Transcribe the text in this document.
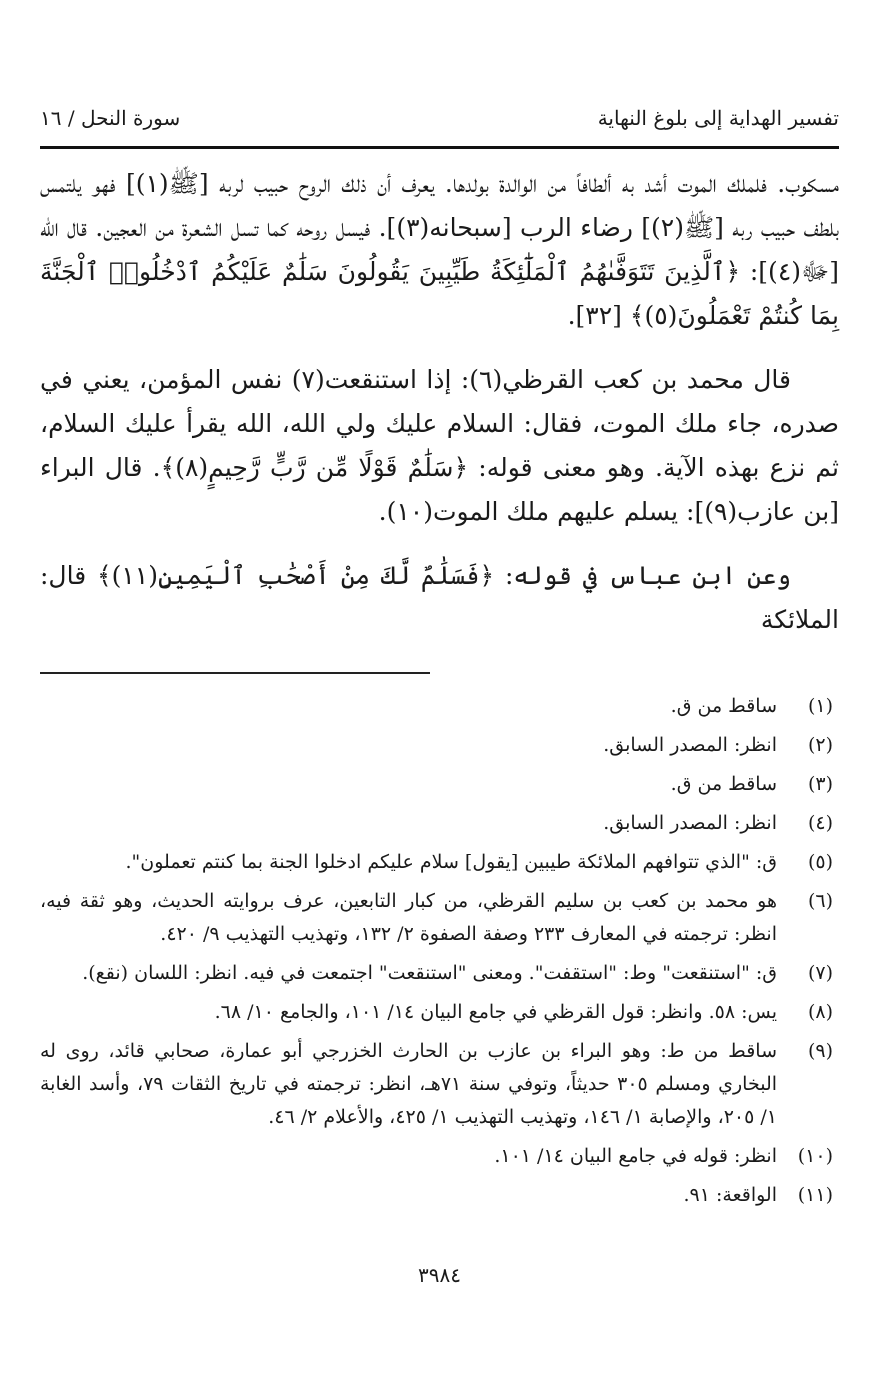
تفسير الهداية إلى بلوغ النهاية
سورة النحل / ١٦

مسكوب. فلملك الموت أشد به ألطافاً من الوالدة بولدها. يعرف أن ذلك الروح حبيب لربه [ﷺ(١)] فهو يلتمس بلطف حبيب ربه [ﷺ(٢)] رضاء الرب [سبحانه(٣)]. فيسل روحه كما تسل الشعرة من العجين. قال الله [ﷻ(٤)]: ﴿ٱلَّذِينَ تَتَوَفَّىٰهُمُ ٱلْمَلَٰٓئِكَةُ طَيِّبِينَ يَقُولُونَ سَلَٰمٌ عَلَيْكُمُ ٱدْخُلُوا۟ ٱلْجَنَّةَ بِمَا كُنتُمْ تَعْمَلُونَ(٥)﴾ [٣٢].

قال محمد بن كعب القرظي(٦): إذا استنقعت(٧) نفس المؤمن، يعني في صدره، جاء ملك الموت، فقال: السلام عليك ولي الله، الله يقرأ عليك السلام، ثم نزع بهذه الآية. وهو معنى قوله: ﴿سَلَٰمٌ قَوْلًا مِّن رَّبٍّ رَّحِيمٍ(٨)﴾. قال البراء [بن عازب(٩)]: يسلم عليهم ملك الموت(١٠).

وعن ابن عباس في قوله: ﴿فَسَلَٰمٌ لَّكَ مِنْ أَصْحَٰبِ ٱلْيَمِينِ(١١)﴾ قال: الملائكة

(١)
ساقط من ق.
(٢)
انظر: المصدر السابق.
(٣)
ساقط من ق.
(٤)
انظر: المصدر السابق.
(٥)
ق: "الذي تتوافهم الملائكة طيبين [يقول] سلام عليكم ادخلوا الجنة بما كنتم تعملون".
(٦)
هو محمد بن كعب بن سليم القرظي، من كبار التابعين، عرف بروايته الحديث، وهو ثقة فيه، انظر: ترجمته في المعارف ٢٣٣ وصفة الصفوة ٢/ ١٣٢، وتهذيب التهذيب ٩/ ٤٢٠.
(٧)
ق: "استنقعت" وط: "استقفت". ومعنى "استنقعت" اجتمعت في فيه. انظر: اللسان (نقع).
(٨)
يس: ٥٨. وانظر: قول القرظي في جامع البيان ١٤/ ١٠١، والجامع ١٠/ ٦٨.
(٩)
ساقط من ط: وهو البراء بن عازب بن الحارث الخزرجي أبو عمارة، صحابي قائد، روى له البخاري ومسلم ٣٠٥ حديثاً، وتوفي سنة ٧١هـ، انظر: ترجمته في تاريخ الثقات ٧٩، وأسد الغابة ١/ ٢٠٥، والإصابة ١/ ١٤٦، وتهذيب التهذيب ١/ ٤٢٥، والأعلام ٢/ ٤٦.
(١٠)
انظر: قوله في جامع البيان ١٤/ ١٠١.
(١١)
الواقعة: ٩١.
٣٩٨٤
